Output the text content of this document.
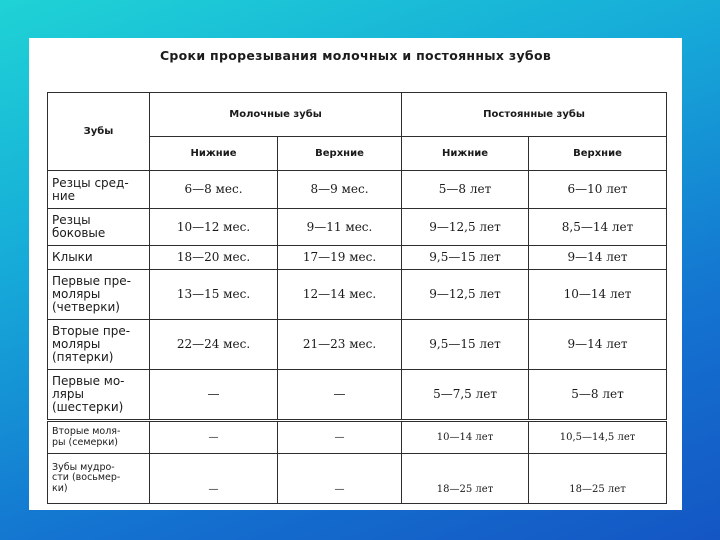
Сроки прорезывания молочных и постоянных зубов
Зубы	Молочные зубы		Постоянные зубы	
	Нижние	Верхние	Нижние	Верхние
Резцы сред-
ние	6—8 мес.	8—9 мес.	5—8 лет	6—10 лет
Резцы
боковые	10—12 мес.	9—11 мес.	9—12,5 лет	8,5—14 лет
Клыки	18—20 мес.	17—19 мес.	9,5—15 лет	9—14 лет
Первые пре-
моляры
(четверки)	13—15 мес.	12—14 мес.	9—12,5 лет	10—14 лет
Вторые пре-
моляры
(пятерки)	22—24 мес.	21—23 мес.	9,5—15 лет	9—14 лет
Первые мо-
ляры
(шестерки)	—	—	5—7,5 лет	5—8 лет
Вторые моля-
ры (семерки)	—	—	10—14 лет	10,5—14,5 лет
Зубы мудро-
сти (восьмер-
ки)	—	—	18—25 лет	18—25 лет
